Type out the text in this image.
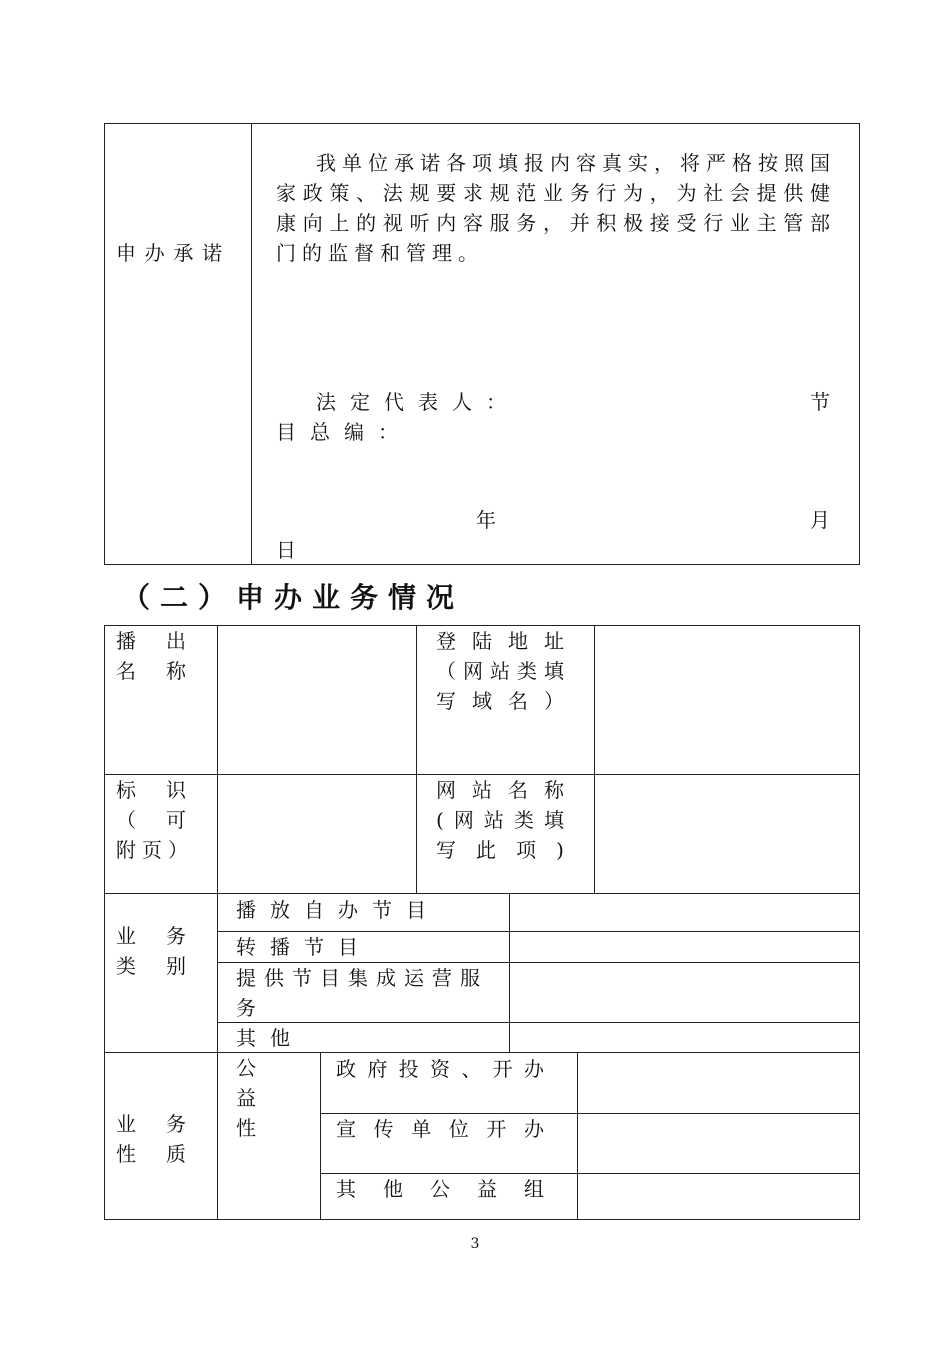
申办承诺
我单位承诺各项填报内容真实，将严格按照国家政策、法规要求规范业务行为，为社会提供健康向上的视听内容服务，并积极接受行业主管部门的监督和管理。
法定代表人：	节
目总编：
年	月
日
（二）申办业务情况
播出名称
登陆地址（网站类填写域名）
标识（可附页）
网站名称(网站类填写此项)
业务类别
播放自办节目
转播节目
提供节目集成运营服务
其他
业务性质
公益性
政府投资、开办
宣传单位开办
其他公益组
3
